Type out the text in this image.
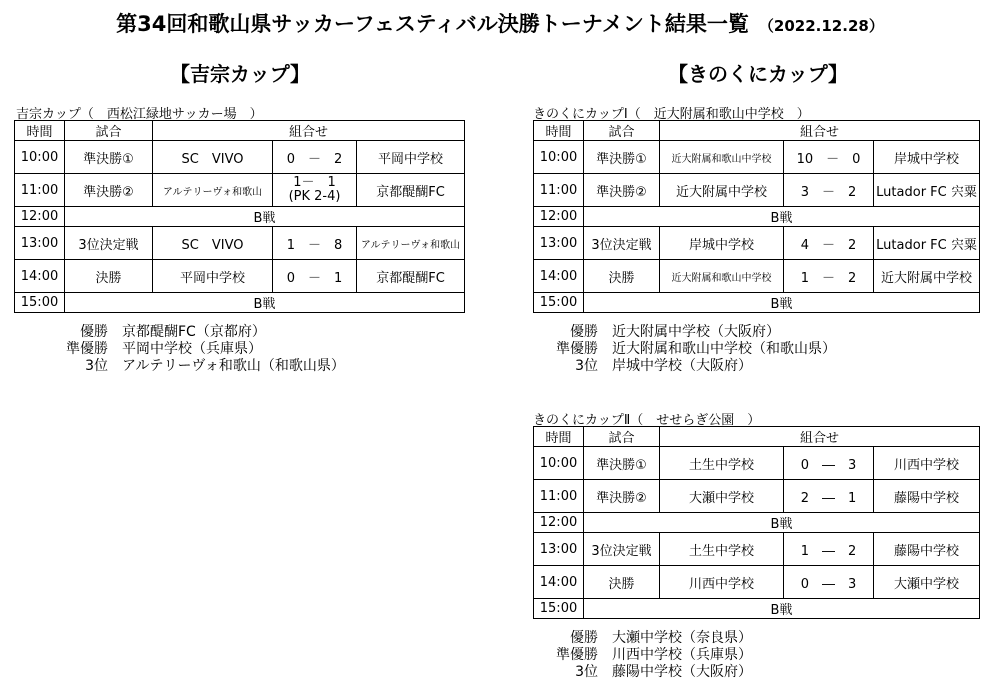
第34回和歌山県サッカーフェスティバル決勝トーナメント結果一覧 （2022.12.28）
【吉宗カップ】	【きのくにカップ】
吉宗カップ（　西松江緑地サッカー場　）
時間	試合	組合せ		
10:00	準決勝①	SC　VIVO	0　－　2	平岡中学校
11:00	準決勝②	アルテリーヴォ和歌山	1－　1
(PK 2-4)	京都醍醐FC
12:00	B戦			
13:00	3位決定戦	SC　VIVO	1　－　8	アルテリーヴォ和歌山
14:00	決勝	平岡中学校	0　－　1	京都醍醐FC
15:00	B戦			
優勝 京都醍醐FC（京都府）
準優勝 平岡中学校（兵庫県）
3位 アルテリーヴォ和歌山（和歌山県）
きのくにカップⅠ（　近大附属和歌山中学校　）
時間	試合	組合せ		
10:00	準決勝①	近大附属和歌山中学校	10　－　0	岸城中学校
11:00	準決勝②	近大附属中学校	3　－　2	Lutador FC 宍粟
12:00	B戦			
13:00	3位決定戦	岸城中学校	4　－　2	Lutador FC 宍粟
14:00	決勝	近大附属和歌山中学校	1　－　2	近大附属中学校
15:00	B戦			
優勝 近大附属中学校（大阪府）
準優勝 近大附属和歌山中学校（和歌山県）
3位 岸城中学校（大阪府）
きのくにカップⅡ（　せせらぎ公園　）
時間	試合	組合せ		
10:00	準決勝①	土生中学校	0　―　3	川西中学校
11:00	準決勝②	大瀬中学校	2　―　1	藤陽中学校
12:00	B戦			
13:00	3位決定戦	土生中学校	1　―　2	藤陽中学校
14:00	決勝	川西中学校	0　―　3	大瀬中学校
15:00	B戦			
優勝 大瀬中学校（奈良県）
準優勝 川西中学校（兵庫県）
3位 藤陽中学校（大阪府）
